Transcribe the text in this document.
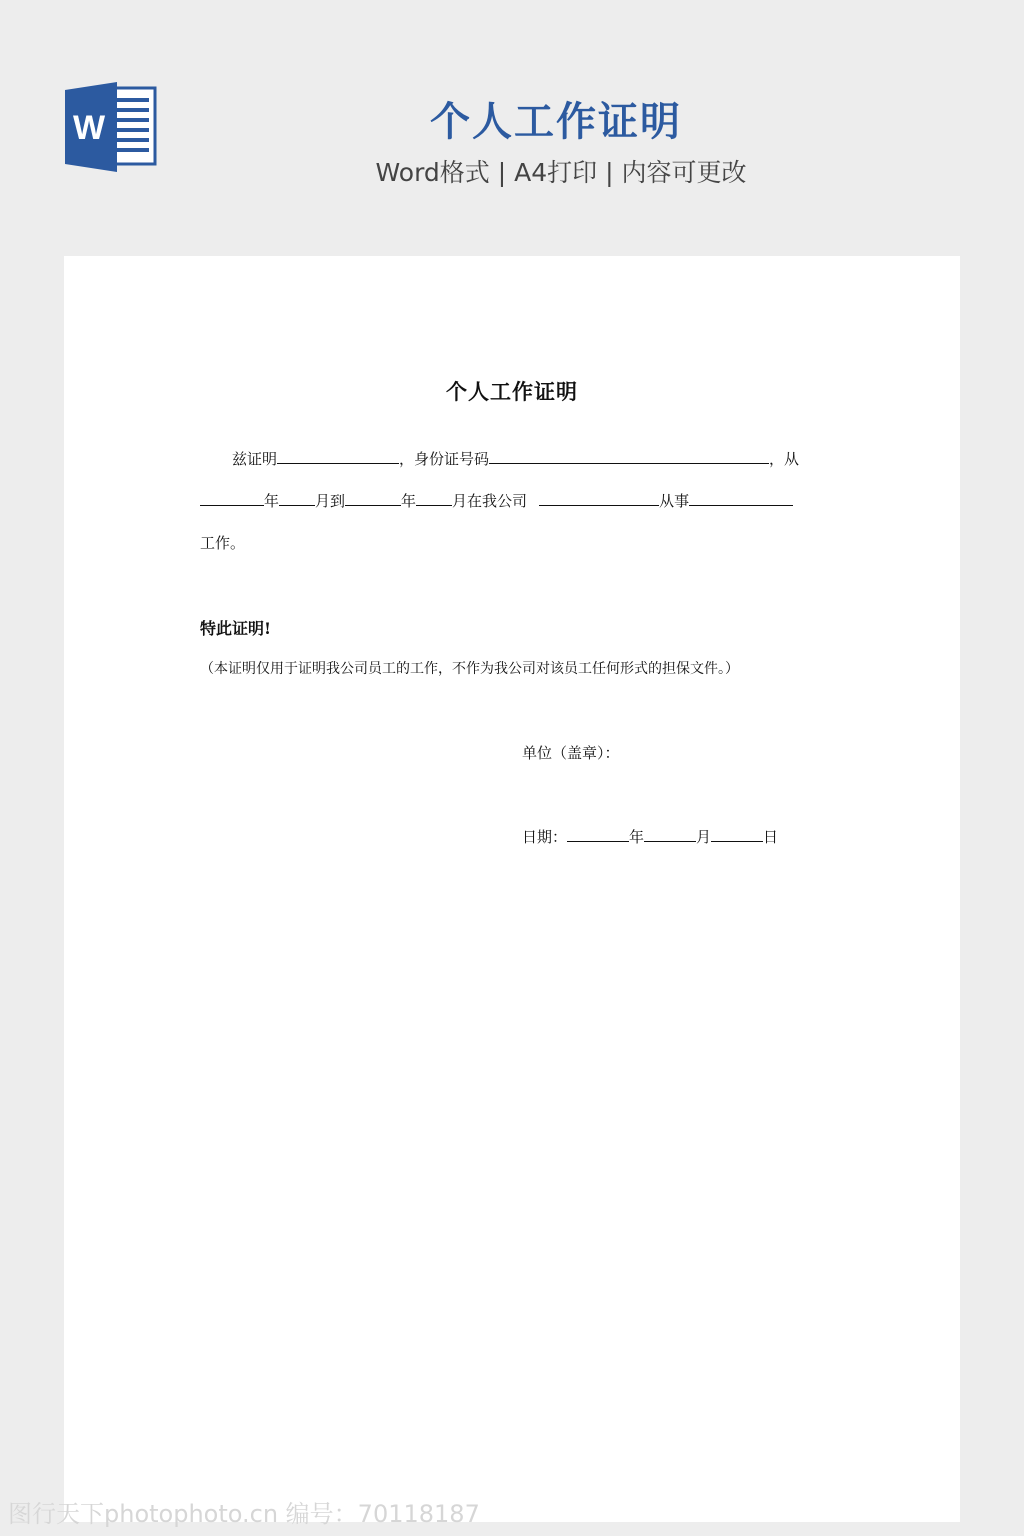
W	个人工作证明
Word格式 | A4打印 | 内容可更改
个人工作证明
兹证明	，身份证号码	，从
年 月到	年 月在我公司	从事
工作。
特此证明!
（本证明仅用于证明我公司员工的工作，不作为我公司对该员工任何形式的担保文件。）
单位（盖章）：
日期：	年	月	日
图行天下photophoto.cn 编号：70118187
